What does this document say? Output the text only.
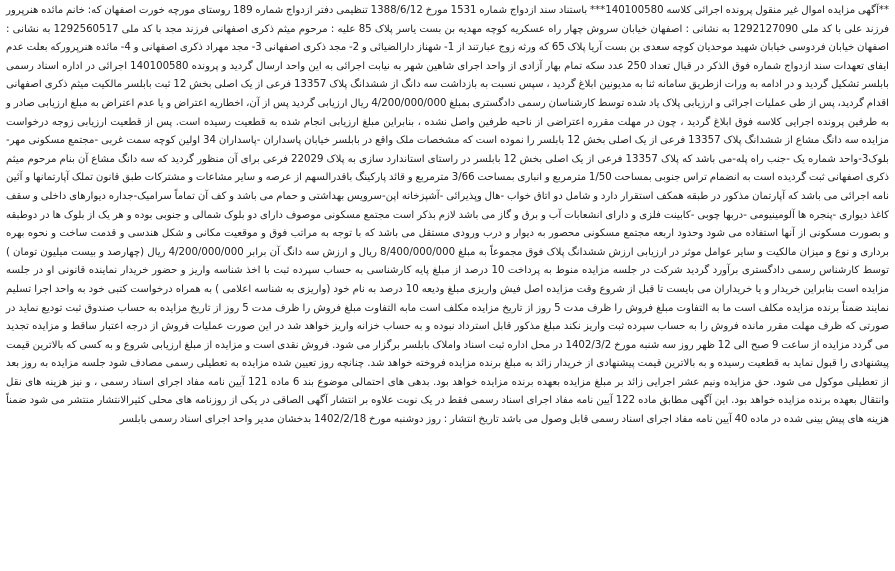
**آگهی مزایده اموال غیر منقول پرونده اجرائی کلاسه 140100580*** باستناد سند ازدواج شماره 1531 مورخ 1388/6/12 تنظیمی دفتر ازدواج شماره 189 روستای مورچه خورت اصفهان که: خانم مائده هنرپرور فرزند علی با کد ملی 1292127090 به نشانی : اصفهان خیابان سروش چهار راه عسکریه کوچه مهدیه بن بست یاسر پلاک 85 علیه : مرحوم میثم ذکری اصفهانی فرزند مجد با کد ملی 1292560517 به نشانی : اصفهان خیابان فردوسی خیابان شهید موحدیان کوچه سعدی بن بست آریا پلاک 65 که ورثه زوج عبارتند از 1- شهناز دارالضیائی و 2- مجد ذکری اصفهانی 3- مجد مهراد ذکری اصفهانی و 4- مائده هنرپرورکه بعلت عدم ایفای تعهدات سند ازدواج شماره فوق الذکر در قبال تعداد 250 عدد سکه تمام بهار آزادی از واحد اجرای شاهین شهر به نیابت اجرائی به این واحد ارسال گردید و پرونده 140100580 اجرائی در اداره اسناد رسمی بابلسر تشکیل گردید و در ادامه به ورات ازطریق سامانه ثنا به مدیونین ابلاغ گردید ، سپس نسبت به بازداشت سه دانگ از ششدانگ پلاک 13357 فرعی از یک اصلی بخش 12 ثبت بابلسر مالکیت میثم ذکری اصفهانی اقدام گردید، پس از طی عملیات اجرائی و ارزیابی پلاک یاد شده توسط کارشناسان رسمی دادگستری بمبلغ 4/200/000/000 ریال ارزیابی گردید پس از آن، اخطاریه اعتراض و یا عدم اعتراض به مبلغ ارزیابی صادر و به طرفین پرونده اجرایی کلاسه فوق ابلاغ گردید ، چون در مهلت مقرره اعتراضی از ناحیه طرفین واصل نشده ، بنابراین مبلغ ارزیابی انجام شده به قطعیت رسیده است. پس از قطعیت ارزیابی زوجه درخواست مزایده سه دانگ مشاع از ششدانگ پلاک 13357 فرعی از یک اصلی بخش 12 بابلسر را نموده است که مشخصات ملک واقع در بابلسر خیابان پاسداران -پاسداران 34 اولین کوچه سمت غربی -مجتمع مسکونی مهر-بلوک3-واحد شماره یک -جنب راه پله-می باشد که پلاک 13357 فرعی از یک اصلی بخش 12 بابلسر در راستای استاندارد سازی به پلاک 22029 فرعی برای آن منظور گردید که سه دانگ مشاع آن بنام مرحوم میثم ذکری اصفهانی ثبت گردیده است به انضمام تراس جنوبی بمساحت 1/50 مترمربع و انباری بمساحت 3/66 مترمربع و قائد پارکینگ باقدرالسهم از عرصه و سایر مشاعات و مشترکات طبق قانون تملک آپارتمانها و آئین نامه اجرائی می باشد که آپارتمان مذکور در طبقه همکف استقرار دارد و شامل دو اتاق خواب -هال وپذیرائی -آشپزخانه اپن-سرویس بهداشتی و حمام می باشد و کف آن تماماً سرامیک-جداره دیوارهای داخلی و سقف کاغذ دیواری -پنجره ها آلومینیومی -دربها چوبی -کابینت فلزی و دارای انشعابات آب و برق و گاز می باشد لازم بذکر است مجتمع مسکونی موصوف دارای دو بلوک شمالی و جنوبی بوده و هر یک از بلوک ها در دوطبقه و بصورت مسکونی از آنها استفاده می شود وحدود اربعه مجتمع مسکونی محصور به دیوار و درب ورودی مستقل می باشد که با توجه به مراتب فوق و موقعیت مکانی و شکل هندسی و قدمت ساخت و نحوه بهره برداری و نوع و میزان مالکیت و سایر عوامل موثر در ارزیابی ارزش ششدانگ پلاک فوق مجموعاً به مبلغ 8/400/000/000 ریال و ارزش سه دانگ آن برابر 4/200/000/000 ریال (چهارصد و بیست میلیون تومان ) توسط کارشناس رسمی دادگستری برآورد گردید شرکت در جلسه مزایده منوط به پرداخت 10 درصد از مبلغ پایه کارشناسی به حساب سپرده ثبت با اخذ شناسه واریز و حضور خریدار نماینده قانونی او در جلسه مزایده است بنابراین خریدار و یا خریداران می بایست تا قبل از شروع وقت مزایده اصل فیش واریزی مبلغ ودیعه 10 درصد به نام خود (واریزی به شناسه اعلامی ) به همراه درخواست کتبی خود به واحد اجرا تسلیم نمایند ضمناً برنده مزایده مکلف است ما به التفاوت مبلغ فروش را ظرف مدت 5 روز از تاریخ مزایده مکلف است مابه التفاوت مبلغ فروش را ظرف مدت 5 روز از تاریخ مزایده به حساب صندوق ثبت تودیع نماید در صورتی که ظرف مهلت مقرر مانده فروش را به حساب سپرده ثبت واریز نکند مبلغ مذکور قابل استرداد نبوده و به حساب خزانه واریز خواهد شد در این صورت عملیات فروش از درجه اعتبار ساقط و مزایده تجدید می گردد مزایده از ساعت 9 صبح الی 12 ظهر روز سه شنبه مورخ 1402/3/2 در محل اداره ثبت اسناد واملاک بابلسر برگزار می شود. فروش نقدی است و مزایده از مبلغ ارزیابی شروع و به کسی که بالاترین قیمت پیشنهادی را قبول نماید به قطعیت رسیده و به بالاترین قیمت پیشنهادی از خریدار زائد به مبلغ برنده مزایده فروخته خواهد شد. چنانچه روز تعیین شده مزایده به تعطیلی رسمی مصادف شود جلسه مزایده به روز بعد از تعطیلی موکول می شود. حق مزایده ونیم عشر اجرایی زائد بر مبلغ مزایده بعهده برنده مزایده خواهد بود. بدهی های احتمالی موضوع بند 6 ماده 121 آیین نامه مفاد اجرای اسناد رسمی ، و نیز هزینه های نقل وانتقال بعهده برنده مزایده خواهد بود. این آگهی مطابق ماده 122 آیین نامه مفاد اجرای اسناد رسمی فقط در یک نوبت علاوه بر انتشار آگهی الصاقی در یکی از روزنامه های محلی کثیرالانتشار منتشر می شود ضمناً هزینه های پیش بینی شده در ماده 40 آیین نامه مفاد اجرای اسناد رسمی قابل وصول می باشد تاریخ انتشار : روز دوشنبه مورخ 1402/2/18 بدخشان مدیر واحد اجرای اسناد رسمی بابلسر
